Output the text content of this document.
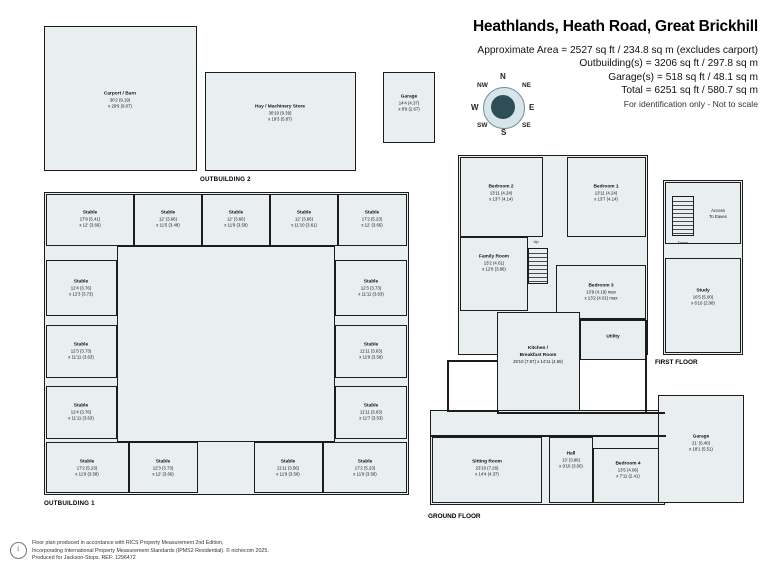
Heathlands, Heath Road, Great Brickhill
Approximate Area = 2527 sq ft / 234.8 sq m (excludes carport)
Outbuilding(s) = 3206 sq ft / 297.8 sq m
Garage(s) = 518 sq ft / 48.1 sq m
Total = 6251 sq ft / 580.7 sq m
For identification only - Not to scale
N
S
E
W
NE
NW
SE
SW
Carport / Barn
30'2 (9.19)
x 29'9 (9.07)	Hay / Machinery Store
30'10 (9.39)
x 19'3 (5.87)
Garage
14'4 (4.37)
x 8'9 (2.67)
OUTBUILDING 2
Stable
17'9 (5.41)
x 12' (3.66)
Stable
12' (3.66)
x 11'5 (3.48)
Stable
12' (3.66)
x 11'9 (3.58)
Stable
12' (3.66)
x 11'10 (3.61)
Stable
17'2 (5.23)
x 12' (3.66)
Stable
12'4 (3.76)
x 12'3 (3.73)
Stable
12'3 (3.73)
x 11'11 (3.63)
Stable
12'4 (3.76)
x 11'11 (3.63)
Stable
12'3 (3.73)
x 11'11 (3.63)
Stable
11'11 (3.63)
x 11'9 (3.58)
Stable
11'11 (3.63)
x 11'7 (3.53)
Stable
17'2 (5.23)
x 11'9 (3.58)
Stable
12'3 (3.73)
x 12' (3.66)
Stable
11'11 (3.56)
x 11'9 (3.56)
Stable
17'2 (5.23)
x 11'9 (3.56)
OUTBUILDING 1
Bedroom 2
13'11 (4.24)
x 13'7 (4.14)
Bedroom 1
13'11 (4.24)
x 13'7 (4.14)
Family Room
13'2 (4.01)
x 12'8 (3.86)
Bedroom 3
13'9 (4.19) max
x 13'2 (4.01) max
Up
Access
To Eaves
Down
Study
16'5 (5.00)
x 6'10 (2.08)
FIRST FLOOR
Utility
Kitchen /
Breakfast Room
25'10 (7.87) x 14'11 (4.55)
Sitting Room
23'10 (7.26)
x 14'4 (4.37)
Hall
13' (3.96)
x 9'10 (3.00)	Bedroom 4
13'5 (4.06)
x 7'11 (2.41)
Garage
21' (6.40)
x 18'1 (5.51)
GROUND FLOOR
i
Floor plan produced in accordance with RICS Property Measurement 2nd Edition,
Incorporating International Property Measurement Standards (IPMS2 Residential). © nichecom 2025.
Produced for Jackson-Stops. REF: 1296472
